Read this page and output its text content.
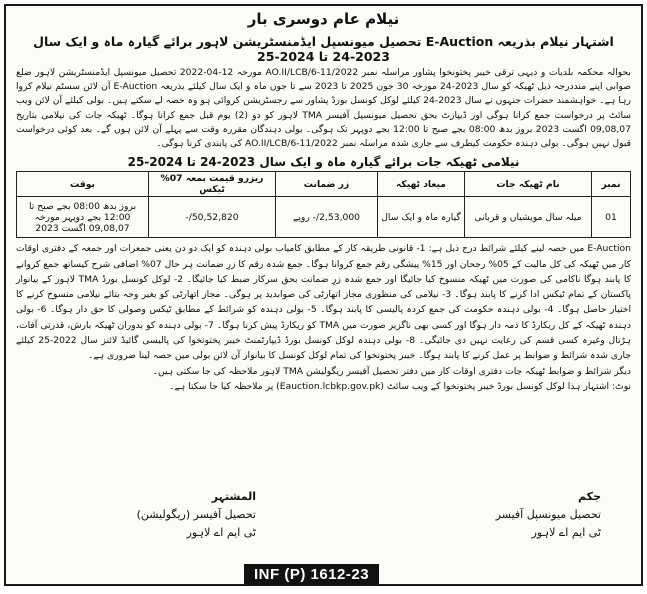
نیلام عام دوسری بار
اشتہار نیلام بذریعہ E-Auction تحصیل میونسپل ایڈمنسٹریشن لاہور برائے گیارہ ماہ و ایک سال 2023-24 تا 2024-25
بحوالہ محکمہ بلدیات و دیہی ترقی خیبر پختونخوا پشاور مراسلہ نمبر AO.II/LCB/6-11/2022 مورخہ 12-04-2022 تحصیل میونسپل ایڈمنسٹریشن لاہور ضلع صوابی اپنے منددرجہ ذیل ٹھیکہ کو سال 2023-24 مورخہ 30 جون 2025 تا 2023 سے تا جوں ماہ و ایک سال کیلئے بذریعہ E-Auction آن لائن سسٹم نیلام کروا رہا ہے۔ خواہشمند حضرات جنہوں نے سال 2023-24 کیلئے لوکل کونسل بورڈ پشاور سے رجسٹریشن کروائی ہو وہ حصہ لے سکتے ہیں۔ بولی کیلئے آن لائن ویب سائٹ پر درخواست جمع کرانا ہوگی اور ڈیپازٹ بحق تحصیل میونسپل آفیسر TMA لاہور کو دو (2) یوم قبل جمع کرانا ہوگا۔ ٹھیکہ جات کی نیلامی بتاریخ 09,08,07 اگست 2023 بروز بدھ 08:00 بجے صبح تا 12:00 بجے دوپہر تک ہوگی۔ بولی دہندگان مقررہ وقت سے پہلے آن لائن ہوں گے۔ بعد کوئی درخواست قبول نہیں ہوگی۔ بولی دہندہ حکومت کیطرف سے جاری شدہ مراسلہ نمبر AO.II/LCB/6-11/2022 کی پابندی کرنا ہوگی۔
نیلامی ٹھیکہ جات برائے گیارہ ماہ و ایک سال 2023-24 تا 2024-25
نمبر	نام ٹھیکہ جات	میعاد ٹھیکہ	زر ضمانت	ریزرو قیمت بمعہ 07% ٹیکس	بوقت
01	میلہ سال مویشیاں و قربانی	گیارہ ماہ و ایک سال	2,53,000/- روپے	50,52,820/-	بروز بدھ 08:00 بجے صبح تا 12:00 بجے دوپہر مورخہ 09,08,07 اگست 2023
E-Auction میں حصہ لینے کیلئے شرائط درج ذیل ہے: 1- قانونی طریقہ کار کے مطابق کامیاب بولی دہندہ کو ایک دو دن یعنی جمعرات اور جمعہ کے دفتری اوقات کار میں ٹھیکہ کی کل مالیت کے 05% رجحان اور 15% پیشگی رقم جمع کروانا ہوگا۔ جمع شدہ رقم کا زرِ ضمانت ہر حال 07% اضافی شرح کیساتھ جمع کروانے کا پابند ہوگا ناکامی کی صورت میں ٹھیکہ منسوخ کیا جائیگا اور جمع شدہ زرِ ضمانت بحق سرکار ضبط کیا جائیگا۔ 2- لوکل کونسل بورڈ TMA لاہور کے بیانوار پاکستان کے تمام ٹیکس ادا کرنے کا پابند ہوگا۔ 3- نیلامی کی منظوری مجاز اتھارٹی کی صوابدید پر ہوگی۔ مجاز اتھارٹی کو بغیر وجہ بتائے نیلامی منسوخ کرنے کا اختیار حاصل ہوگا۔ 4- بولی دہندہ حکومت کی جمع کردہ پالیسی کا پابند ہوگا۔ 5- بولی دہندہ کو شرائط کے مطابق ٹیکس وصولی کا حق دار ہوگا۔ 6- بولی دہندہ ٹھیکہ کے کل ریکارڈ کا ذمہ دار ہوگا اور کسی بھی ناگزیر صورت میں TMA کو ریکارڈ پیش کرنا ہوگا۔ 7- بولی دہندہ کو بدوران ٹھیکہ بارش، قدرتی آفات، ہڑتال وغیرہ کسی قسم کی رعایت نہیں دی جائیگی۔ 8- بولی دہندہ لوکل کونسل بورڈ ڈیپارٹمنٹ خیبر پختونخوا کی پالیسی گائیڈ لائنز سال 2022-25 کیلئے جاری شدہ شرائط و ضوابط پر عمل کرنے کا پابند ہوگا۔ خیبر پختونخوا کی تمام لوکل کونسل کا بیانوار آن لائن بولی میں حصہ لینا ضروری ہے۔
دیگر شرائط و ضوابط ٹھیکہ جات دفتری اوقات کار میں دفتر تحصیل آفیسر ریگولیشن TMA لاہور ملاحظہ کی جا سکتی ہیں۔
نوٹ: اشتہار ہذا لوکل کونسل بورڈ خیبر پختونخوا کے ویب سائٹ (Eauction.lcbkp.gov.pk) پر ملاحظہ کیا جا سکتا ہے۔
جکم
تحصیل میونسپل آفیسر
ٹی ایم اے لاہور
المشتہر
تحصیل آفیسر (ریگولیشن)
ٹی ایم اے لاہور
INF (P) 1612-23
